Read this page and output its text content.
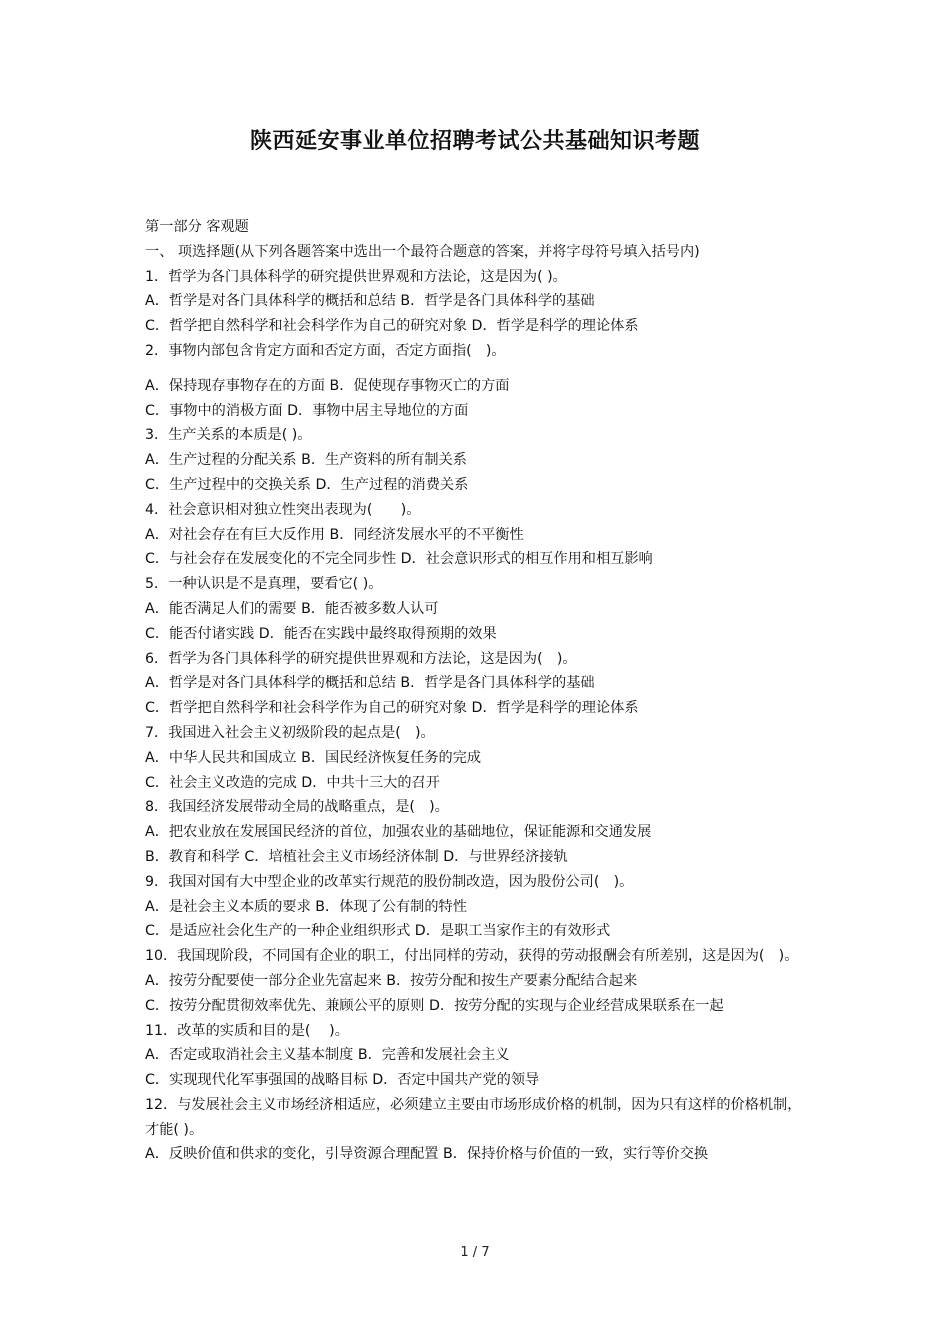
陕西延安事业单位招聘考试公共基础知识考题
第一部分 客观题
一、 项选择题(从下列各题答案中选出一个最符合题意的答案，并将字母符号填入括号内)
1．哲学为各门具体科学的研究提供世界观和方法论，这是因为( )。
A．哲学是对各门具体科学的概括和总结 B．哲学是各门具体科学的基础
C．哲学把自然科学和社会科学作为自己的研究对象 D．哲学是科学的理论体系
2．事物内部包含肯定方面和否定方面，否定方面指(　)。
A．保持现存事物存在的方面 B．促使现存事物灭亡的方面
C．事物中的消极方面 D．事物中居主导地位的方面
3．生产关系的本质是( )。
A．生产过程的分配关系 B．生产资料的所有制关系
C．生产过程中的交换关系 D．生产过程的消费关系
4．社会意识相对独立性突出表现为(　　)。
A．对社会存在有巨大反作用 B．同经济发展水平的不平衡性
C．与社会存在发展变化的不完全同步性 D．社会意识形式的相互作用和相互影响
5．一种认识是不是真理，要看它( )。
A．能否满足人们的需要 B．能否被多数人认可
C．能否付诸实践 D．能否在实践中最终取得预期的效果
6．哲学为各门具体科学的研究提供世界观和方法论，这是因为(　)。
A．哲学是对各门具体科学的概括和总结 B．哲学是各门具体科学的基础
C．哲学把自然科学和社会科学作为自己的研究对象 D．哲学是科学的理论体系
7．我国进入社会主义初级阶段的起点是(　)。
A．中华人民共和国成立 B．国民经济恢复任务的完成
C．社会主义改造的完成 D．中共十三大的召开
8．我国经济发展带动全局的战略重点，是(　)。
A．把农业放在发展国民经济的首位，加强农业的基础地位，保证能源和交通发展
B．教育和科学 C．培植社会主义市场经济体制 D．与世界经济接轨
9．我国对国有大中型企业的改革实行规范的股份制改造，因为股份公司(　)。
A．是社会主义本质的要求 B．体现了公有制的特性
C．是适应社会化生产的一种企业组织形式 D．是职工当家作主的有效形式
10．我国现阶段，不同国有企业的职工，付出同样的劳动，获得的劳动报酬会有所差别，这是因为(　)。
A．按劳分配要使一部分企业先富起来 B．按劳分配和按生产要素分配结合起来
C．按劳分配贯彻效率优先、兼顾公平的原则 D．按劳分配的实现与企业经营成果联系在一起
11．改革的实质和目的是(　 )。
A．否定或取消社会主义基本制度 B．完善和发展社会主义
C．实现现代化军事强国的战略目标 D．否定中国共产党的领导
12．与发展社会主义市场经济相适应，必须建立主要由市场形成价格的机制，因为只有这样的价格机制，才能( )。
A．反映价值和供求的变化，引导资源合理配置 B．保持价格与价值的一致，实行等价交换
1 / 7
